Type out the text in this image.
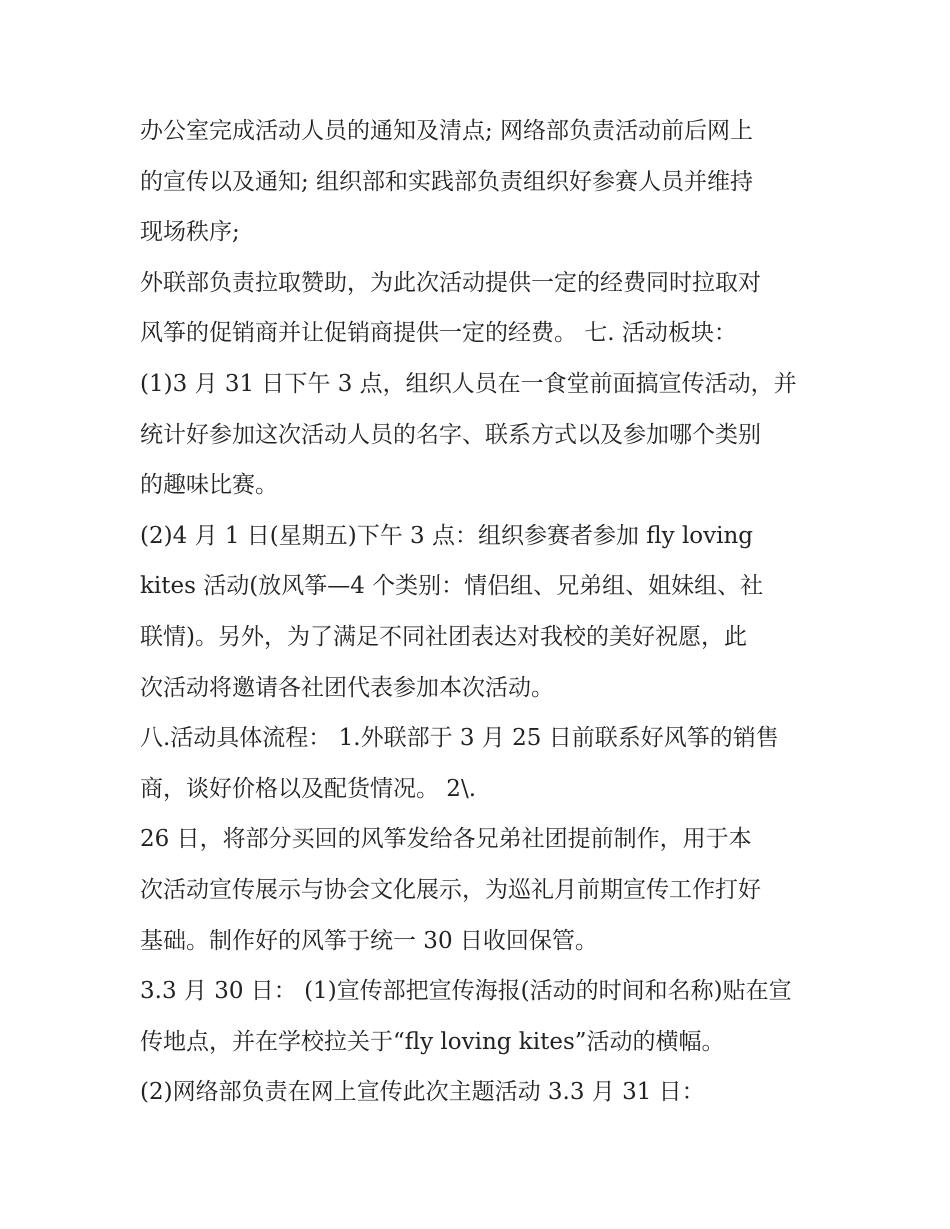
办公室完成活动人员的通知及清点; 网络部负责活动前后网上
的宣传以及通知; 组织部和实践部负责组织好参赛人员并维持
现场秩序;
外联部负责拉取赞助，为此次活动提供一定的经费同时拉取对
风筝的促销商并让促销商提供一定的经费。 七. 活动板块：
(1)3 月 31 日下午 3 点，组织人员在一食堂前面搞宣传活动，并
统计好参加这次活动人员的名字、联系方式以及参加哪个类别
的趣味比赛。
(2)4 月 1 日(星期五)下午 3 点：组织参赛者参加 fly loving
kites 活动(放风筝—4 个类别：情侣组、兄弟组、姐妹组、社
联情)。另外，为了满足不同社团表达对我校的美好祝愿，此
次活动将邀请各社团代表参加本次活动。
八.活动具体流程： 1.外联部于 3 月 25 日前联系好风筝的销售
商，谈好价格以及配货情况。 2\.
26 日，将部分买回的风筝发给各兄弟社团提前制作，用于本
次活动宣传展示与协会文化展示，为巡礼月前期宣传工作打好
基础。制作好的风筝于统一 30 日收回保管。
3.3 月 30 日： (1)宣传部把宣传海报(活动的时间和名称)贴在宣
传地点，并在学校拉关于“fly loving kites”活动的横幅。
(2)网络部负责在网上宣传此次主题活动 3.3 月 31 日：
